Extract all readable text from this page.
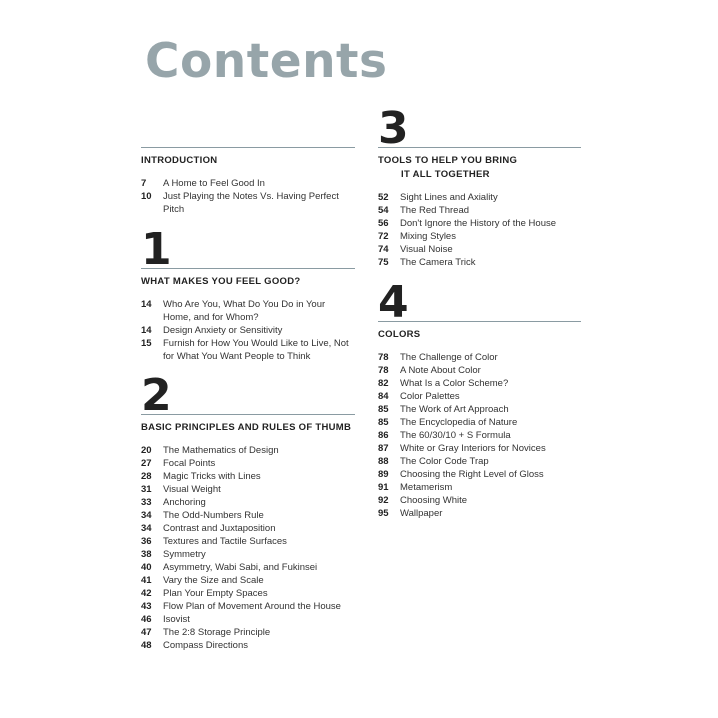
Contents
INTRODUCTION
7	A Home to Feel Good In
10	Just Playing the Notes Vs. Having Perfect Pitch
1
WHAT MAKES YOU FEEL GOOD?
14	Who Are You, What Do You Do in Your Home, and for Whom?
14	Design Anxiety or Sensitivity
15	Furnish for How You Would Like to Live, Not for What You Want People to Think
2
BASIC PRINCIPLES AND RULES OF THUMB
20	The Mathematics of Design
27	Focal Points
28	Magic Tricks with Lines
31	Visual Weight
33	Anchoring
34	The Odd-Numbers Rule
34	Contrast and Juxtaposition
36	Textures and Tactile Surfaces
38	Symmetry
40	Asymmetry, Wabi Sabi, and Fukinsei
41	Vary the Size and Scale
42	Plan Your Empty Spaces
43	Flow Plan of Movement Around the House
46	Isovist
47	The 2:8 Storage Principle
48	Compass Directions
3
TOOLS TO HELP YOU BRING
IT ALL TOGETHER
52	Sight Lines and Axiality
54	The Red Thread
56	Don't Ignore the History of the House
72	Mixing Styles
74	Visual Noise
75	The Camera Trick
4
COLORS
78	The Challenge of Color
78	A Note About Color
82	What Is a Color Scheme?
84	Color Palettes
85	The Work of Art Approach
85	The Encyclopedia of Nature
86	The 60/30/10 + S Formula
87	White or Gray Interiors for Novices
88	The Color Code Trap
89	Choosing the Right Level of Gloss
91	Metamerism
92	Choosing White
95	Wallpaper
